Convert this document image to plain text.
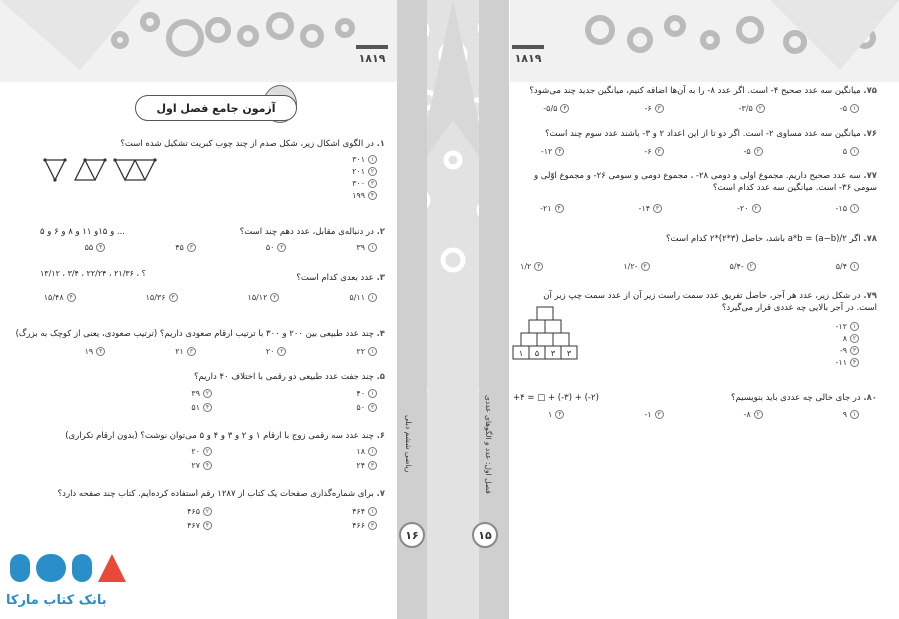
ریاضی ششم دبلی	فصل اول: عدد و الگوهای عددی
۱۶	۱۵
۱۸۱۹	۱۸۱۹
آزمون جامع فصل اول
۱. در الگوی اشکال زیر، شکل صدم از چند چوب کبریت تشکیل شده است؟
۱
۳۰۱
۲
۲۰۱
۳
۳۰۰
۴
۱۹۹
۲. در دنباله‌ی مقابل، عدد دهم چند است؟
... و ۱۵و ۱۱ و ۸ و ۶ و ۵
۱
۳۹
۲
۵۰
۳
۴۵
۴
۵۵
۳. عدد بعدی کدام است؟
؟ ، ۲۱/۳۶ ، ۲۲/۲۴ ، ۳/۴ ، ۱۳/۱۲
۱
۵/۱۱
۲
۱۵/۱۲
۳
۱۵/۳۶
۴
۱۵/۴۸
۴. چند عدد طبیعی بین ۲۰۰ و ۳۰۰ با ترتیب ارقام صعودی داریم؟ (ترتیب صعودی، یعنی از کوچک به بزرگ)
۱
۲۲
۲
۲۰
۳
۲۱
۴
۱۹
۵. چند جفت عدد طبیعی دو رقمی با اختلاف ۴۰ داریم؟
۱
۴۰
۳
۵۰
۲
۳۹
۴
۵۱
۶. چند عدد سه رقمی زوج با ارقام ۱ و ۲ و ۳ و ۴ و ۵ می‌توان نوشت؟ (بدون ارقام تکراری)
۱
۱۸
۳
۲۴
۲
۲۰
۴
۲۷
۷. برای شماره‌گذاری صفحات یک کتاب از ۱۲۸۷ رقم استفاده کرده‌ایم. کتاب چند صفحه دارد؟
۱
۴۶۴
۳
۴۶۶
۲
۴۶۵
۴
۴۶۷
۷۵. میانگین سه عدد صحیح ۴- است. اگر عدد ۸- را به آن‌ها اضافه کنیم، میانگین جدید چند می‌شود؟
۱
۵-
۲
۳/۵-
۳
۶-
۴
۵/۵-
۷۶. میانگین سه عدد مساوی ۲- است. اگر دو تا از این اعداد ۲ و ۳- باشند عدد سوم چند است؟
۱
۵
۲
۵-
۳
۶-
۴
۱۲-
۷۷. سه عدد صحیح داریم. مجموع اولی و دومی ۲۸- ، مجموع دومی و سومی ۲۶- و مجموع اوّلی و سومی ۳۶- است. میانگین سه عدد کدام است؟
۱
۱۵-
۲
۲۰-
۳
۱۴-
۴
۲۱-
۷۸. اگر a*b = (a−b)/۲ باشد، حاصل (۳*۲)*۲ کدام است؟
۱
۵/۴
۲
-۵/۴
۳
-۱/۲
۴
۱/۲
۷۹. در شکل زیر، عدد هر آجر، حاصل تفریق عدد سمت راست زیر آن از عدد سمت چپ زیر آن است. در آجر بالایی چه عددی قرار می‌گیرد؟
۱
۱۲-
۲
۸
۳
۹-
۴
۱۱-
۱ ۵ ۳ ۳
۸۰. در جای خالی چه عددی باید بنویسیم؟
(۲-) + (۳-) + □ = ۴+
۱
۹
۲
۸-
۳
۱-
۴
۱
بانک کتاب مارکا
